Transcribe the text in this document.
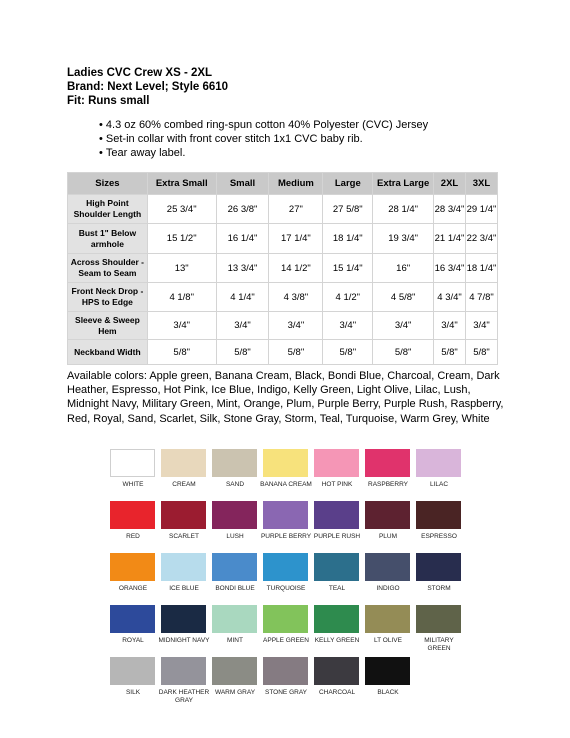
Ladies CVC Crew XS - 2XL
Brand: Next Level; Style 6610
Fit: Runs small
• 4.3 oz 60% combed ring-spun cotton 40% Polyester (CVC) Jersey
• Set-in collar with front cover stitch 1x1 CVC baby rib.
• Tear away label.
Sizes	Extra Small	Small	Medium	Large	Extra Large	2XL	3XL
High Point Shoulder Length	25 3/4"	26 3/8"	27"	27 5/8"	28 1/4"	28 3/4"	29 1/4"
Bust 1" Below armhole	15 1/2"	16 1/4"	17 1/4"	18 1/4"	19 3/4"	21 1/4"	22 3/4"
Across Shoulder - Seam to Seam	13"	13 3/4"	14 1/2"	15 1/4"	16"	16 3/4"	18 1/4"
Front Neck Drop - HPS to Edge	4 1/8"	4 1/4"	4 3/8"	4 1/2"	4 5/8"	4 3/4"	4 7/8"
Sleeve & Sweep Hem	3/4"	3/4"	3/4"	3/4"	3/4"	3/4"	3/4"
Neckband Width	5/8"	5/8"	5/8"	5/8"	5/8"	5/8"	5/8"

Available colors: Apple green, Banana Cream, Black, Bondi Blue, Charcoal, Cream, Dark Heather, Espresso, Hot Pink, Ice Blue, Indigo, Kelly Green, Light Olive, Lilac, Lush, Midnight Navy, Military Green, Mint, Orange, Plum, Purple Berry, Purple Rush, Raspberry, Red, Royal, Sand, Scarlet, Silk, Stone Gray, Storm, Teal, Turquoise, Warm Grey, White

WHITE	CREAM	SAND	BANANA CREAM	HOT PINK	RASPBERRY	LILAC
RED	SCARLET	LUSH	PURPLE BERRY PURPLE RUSH	PLUM	ESPRESSO
ORANGE	ICE BLUE	BONDI BLUE	TURQUOISE	TEAL	INDIGO	STORM
ROYAL	MIDNIGHT NAVY	MINT	APPLE GREEN KELLY GREEN	LT OLIVE	MILITARY GREEN
SILK	DARK HEATHER GRAY
WARM GRAY	STONE GRAY	CHARCOAL	BLACK
